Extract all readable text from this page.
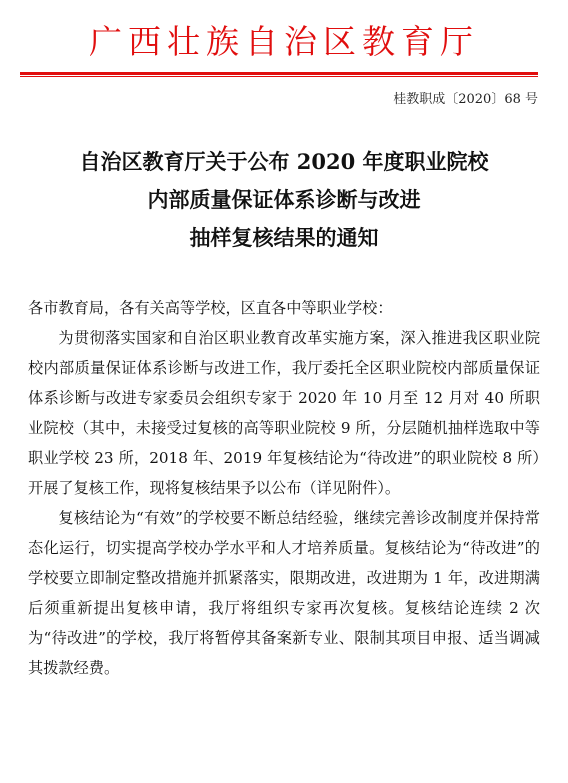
广西壮族自治区教育厅
桂教职成〔2020〕68 号
自治区教育厅关于公布 2020 年度职业院校
内部质量保证体系诊断与改进
抽样复核结果的通知

各市教育局，各有关高等学校，区直各中等职业学校：

为贯彻落实国家和自治区职业教育改革实施方案，深入推进我区职业院校内部质量保证体系诊断与改进工作，我厅委托全区职业院校内部质量保证体系诊断与改进专家委员会组织专家于 2020 年 10 月至 12 月对 40 所职业院校（其中，未接受过复核的高等职业院校 9 所，分层随机抽样选取中等职业学校 23 所，2018 年、2019 年复核结论为“待改进”的职业院校 8 所）开展了复核工作，现将复核结果予以公布（详见附件）。

复核结论为“有效”的学校要不断总结经验，继续完善诊改制度并保持常态化运行，切实提高学校办学水平和人才培养质量。复核结论为“待改进”的学校要立即制定整改措施并抓紧落实，限期改进，改进期为 1 年，改进期满后须重新提出复核申请，我厅将组织专家再次复核。复核结论连续 2 次为“待改进”的学校，我厅将暂停其备案新专业、限制其项目申报、适当调减其拨款经费。
